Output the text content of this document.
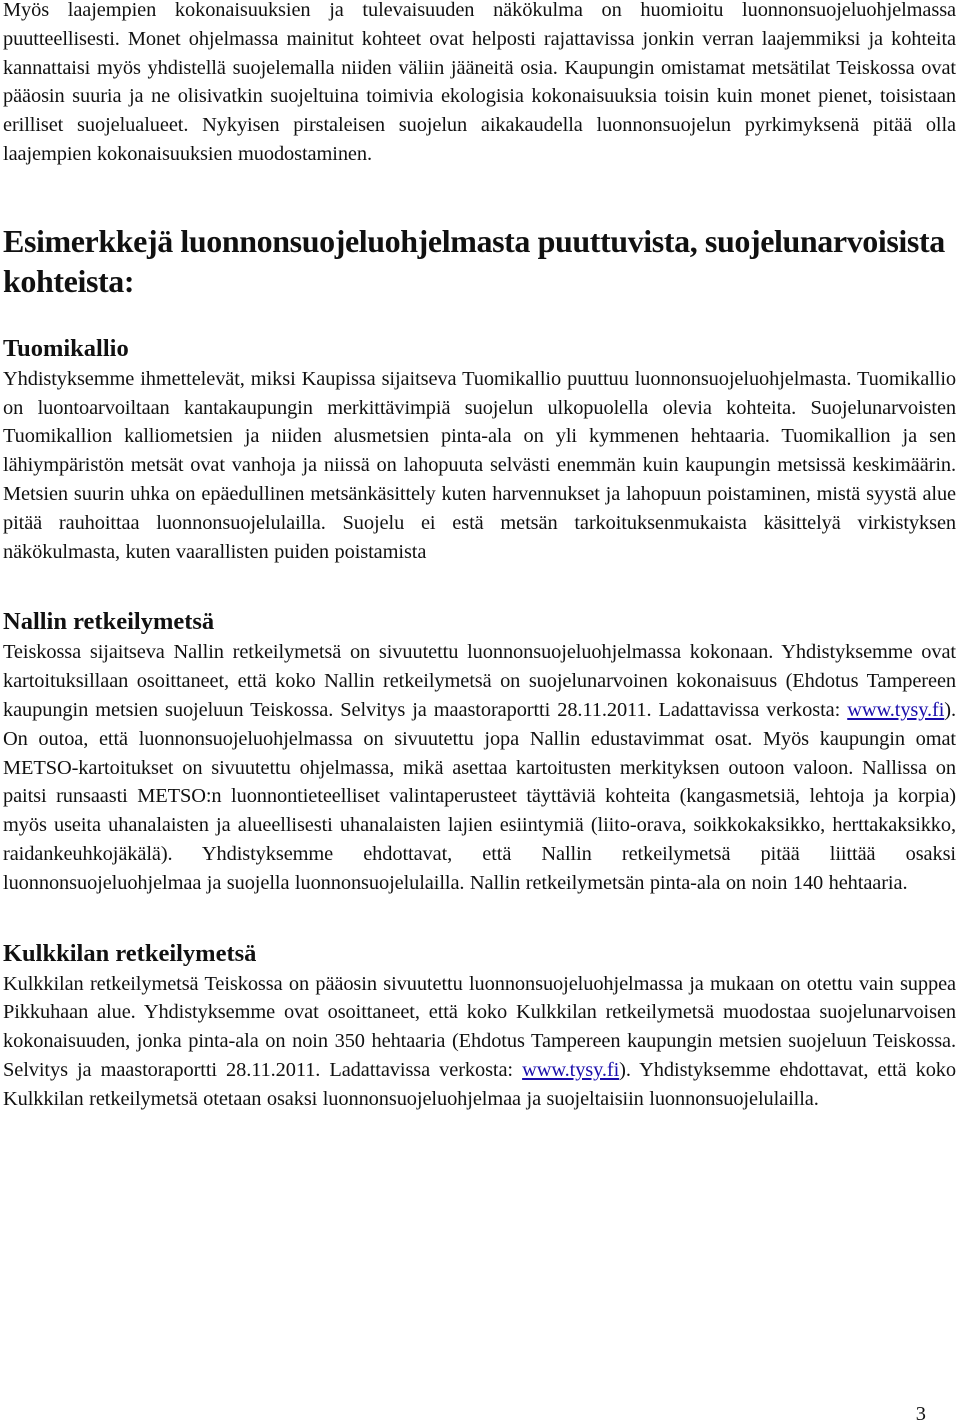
Myös laajempien kokonaisuuksien ja tulevaisuuden näkökulma on huomioitu luonnonsuojeluohjelmassa puutteellisesti. Monet ohjelmassa mainitut kohteet ovat helposti rajattavissa jonkin verran laajemmiksi ja kohteita kannattaisi myös yhdistellä suojelemalla niiden väliin jääneitä osia. Kaupungin omistamat metsätilat Teiskossa ovat pääosin suuria ja ne olisivatkin suojeltuina toimivia ekologisia kokonaisuuksia toisin kuin monet pienet, toisistaan erilliset suojelualueet. Nykyisen pirstaleisen suojelun aikakaudella luonnonsuojelun pyrkimyksenä pitää olla laajempien kokonaisuuksien muodostaminen.

Esimerkkejä luonnonsuojeluohjelmasta puuttuvista, suojelunarvoisista kohteista:
Tuomikallio

Yhdistyksemme ihmettelevät, miksi Kaupissa sijaitseva Tuomikallio puuttuu luonnonsuojeluohjelmasta. Tuomikallio on luontoarvoiltaan kantakaupungin merkittävimpiä suojelun ulkopuolella olevia kohteita. Suojelunarvoisten Tuomikallion kalliometsien ja niiden alusmetsien pinta-ala on yli kymmenen hehtaaria. Tuomikallion ja sen lähiympäristön metsät ovat vanhoja ja niissä on lahopuuta selvästi enemmän kuin kaupungin metsissä keskimäärin. Metsien suurin uhka on epäedullinen metsänkäsittely kuten harvennukset ja lahopuun poistaminen, mistä syystä alue pitää rauhoittaa luonnonsuojelulailla. Suojelu ei estä metsän tarkoituksenmukaista käsittelyä virkistyksen näkökulmasta, kuten vaarallisten puiden poistamista

Nallin retkeilymetsä

Teiskossa sijaitseva Nallin retkeilymetsä on sivuutettu luonnonsuojeluohjelmassa kokonaan. Yhdistyksemme ovat kartoituksillaan osoittaneet, että koko Nallin retkeilymetsä on suojelunarvoinen kokonaisuus (Ehdotus Tampereen kaupungin metsien suojeluun Teiskossa. Selvitys ja maastoraportti 28.11.2011. Ladattavissa verkosta: www.tysy.fi). On outoa, että luonnonsuojeluohjelmassa on sivuutettu jopa Nallin edustavimmat osat. Myös kaupungin omat METSO-kartoitukset on sivuutettu ohjelmassa, mikä asettaa kartoitusten merkityksen outoon valoon. Nallissa on paitsi runsaasti METSO:n luonnontieteelliset valintaperusteet täyttäviä kohteita (kangasmetsiä, lehtoja ja korpia) myös useita uhanalaisten ja alueellisesti uhanalaisten lajien esiintymiä (liito-orava, soikkokaksikko, herttakaksikko, raidankeuhkojäkälä). Yhdistyksemme ehdottavat, että Nallin retkeilymetsä pitää liittää osaksi luonnonsuojeluohjelmaa ja suojella luonnonsuojelulailla. Nallin retkeilymetsän pinta-ala on noin 140 hehtaaria.

Kulkkilan retkeilymetsä

Kulkkilan retkeilymetsä Teiskossa on pääosin sivuutettu luonnonsuojeluohjelmassa ja mukaan on otettu vain suppea Pikkuhaan alue. Yhdistyksemme ovat osoittaneet, että koko Kulkkilan retkeilymetsä muodostaa suojelunarvoisen kokonaisuuden, jonka pinta-ala on noin 350 hehtaaria (Ehdotus Tampereen kaupungin metsien suojeluun Teiskossa. Selvitys ja maastoraportti 28.11.2011. Ladattavissa verkosta: www.tysy.fi). Yhdistyksemme ehdottavat, että koko Kulkkilan retkeilymetsä otetaan osaksi luonnonsuojeluohjelmaa ja suojeltaisiin luonnonsuojelulailla.

3
